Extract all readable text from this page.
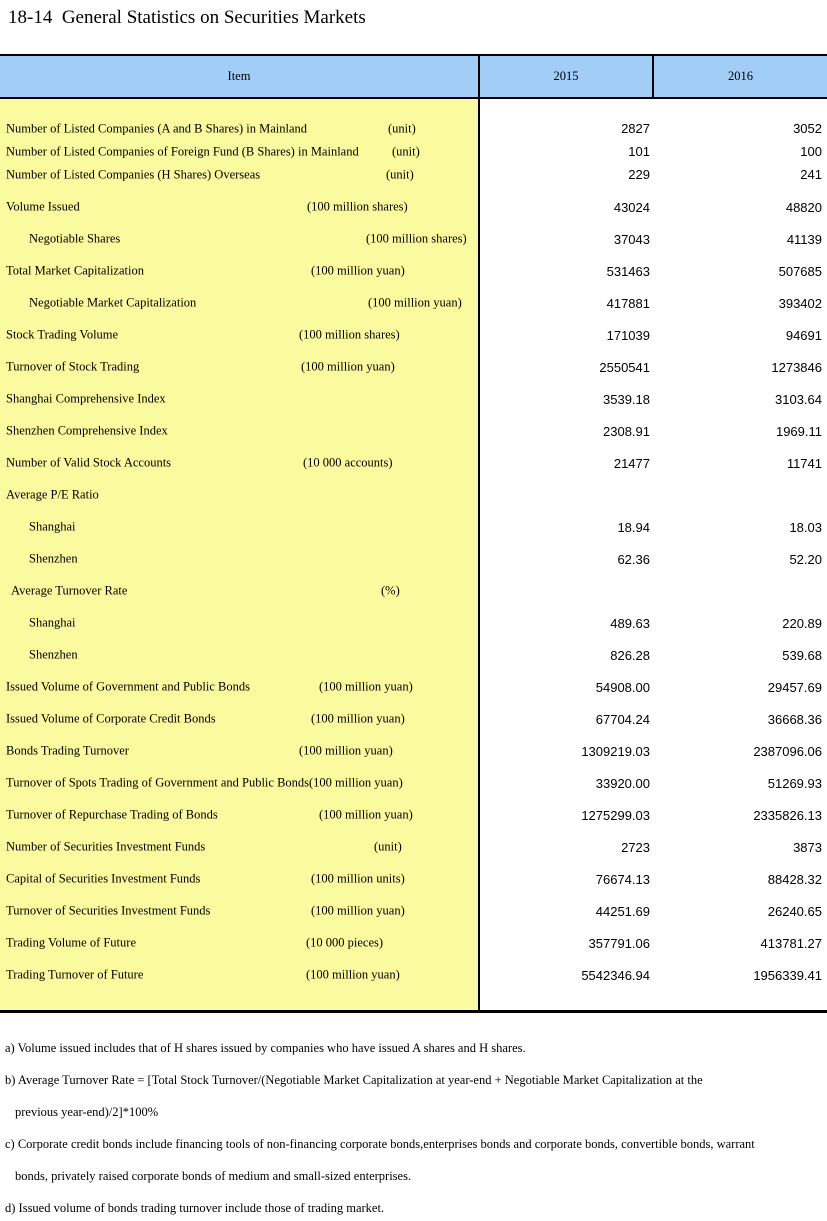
18-14  General Statistics on Securities Markets
Item	2015	2016
Number of Listed Companies (A and B Shares) in Mainland	(unit)	2827	3052
Number of Listed Companies of Foreign Fund (B Shares) in Mainland	(unit)	101	100
Number of Listed Companies (H Shares) Overseas	(unit)	229	241
Volume Issued	(100 million shares)	43024	48820
Negotiable Shares	(100 million shares)	37043	41139
Total Market Capitalization	(100 million yuan)	531463	507685
Negotiable Market Capitalization	(100 million yuan)	417881	393402
Stock Trading Volume	(100 million shares)	171039	94691
Turnover of Stock Trading	(100 million yuan)	2550541	1273846
Shanghai Comprehensive Index	3539.18	3103.64
Shenzhen Comprehensive Index	2308.91	1969.11
Number of Valid Stock Accounts	(10 000 accounts)	21477	11741
Average P/E Ratio
Shanghai	18.94	18.03
Shenzhen	62.36	52.20
Average Turnover Rate	(%)
Shanghai	489.63	220.89
Shenzhen	826.28	539.68
Issued Volume of Government and Public Bonds	(100 million yuan)	54908.00	29457.69
Issued Volume of Corporate Credit Bonds	(100 million yuan)	67704.24	36668.36
Bonds Trading Turnover	(100 million yuan)	1309219.03	2387096.06
Turnover of Spots Trading of Government and Public Bonds(100 million yuan)	33920.00	51269.93
Turnover of Repurchase Trading of Bonds	(100 million yuan)	1275299.03	2335826.13
Number of Securities Investment Funds	(unit)	2723	3873
Capital of Securities Investment Funds	(100 million units)	76674.13	88428.32
Turnover of Securities Investment Funds	(100 million yuan)	44251.69	26240.65
Trading Volume of Future	(10 000 pieces)	357791.06	413781.27
Trading Turnover of Future	(100 million yuan)	5542346.94	1956339.41
a) Volume issued includes that of H shares issued by companies who have issued A shares and H shares.
b) Average Turnover Rate = [Total Stock Turnover/(Negotiable Market Capitalization at year-end + Negotiable Market Capitalization at the
previous year-end)/2]*100%
c) Corporate credit bonds include financing tools of non-financing corporate bonds,enterprises bonds and corporate bonds, convertible bonds, warrant
bonds, privately raised corporate bonds of medium and small-sized enterprises.
d) Issued volume of bonds trading turnover include those of trading market.
